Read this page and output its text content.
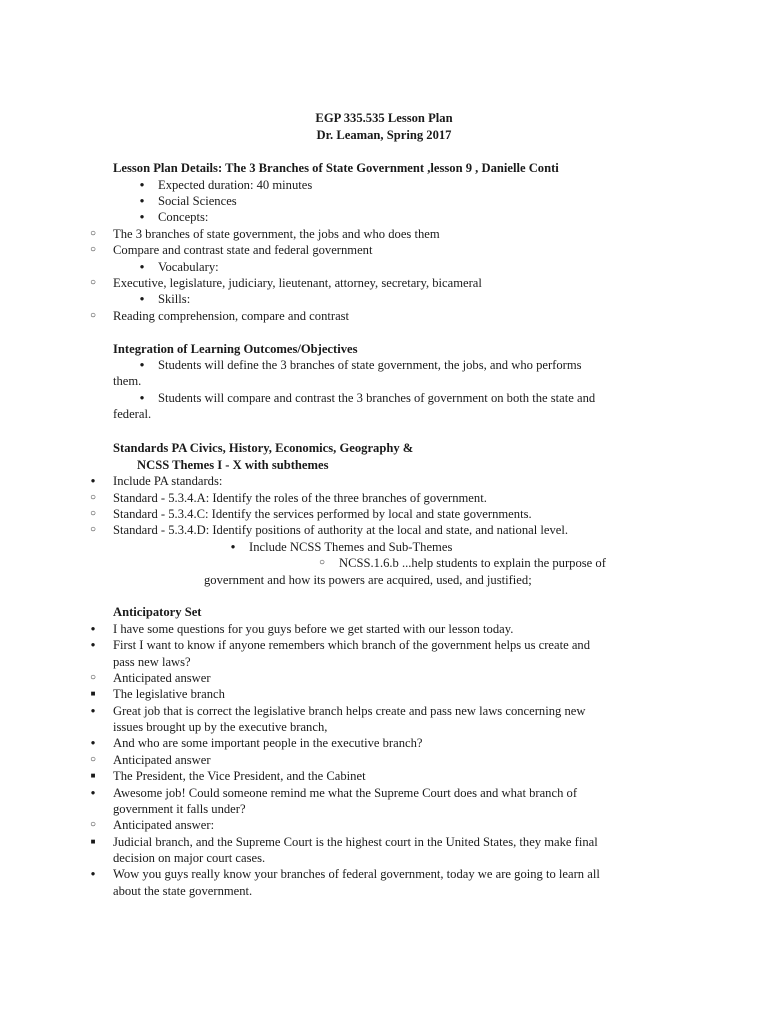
EGP 335.535 Lesson Plan
Dr. Leaman, Spring 2017
Lesson Plan Details: The 3 Branches of State Government ,lesson 9 , Danielle Conti
●
Expected duration: 40 minutes
●
Social Sciences
●
Concepts:
○
The 3 branches of state government, the jobs and who does them
○
Compare and contrast state and federal government
●
Vocabulary:
○
Executive, legislature, judiciary, lieutenant, attorney, secretary, bicameral
●
Skills:
○
Reading comprehension, compare and contrast
Integration of Learning Outcomes/Objectives
●
Students will define the 3 branches of state government, the jobs, and who performs
them.
●
Students will compare and contrast the 3 branches of government on both the state and
federal.
Standards PA Civics, History, Economics, Geography &
NCSS Themes I - X with subthemes
●
Include PA standards:
○
Standard - 5.3.4.A: Identify the roles of the three branches of government.
○
Standard - 5.3.4.C: Identify the services performed by local and state governments.
○
Standard - 5.3.4.D: Identify positions of authority at the local and state, and national level.
●
Include NCSS Themes and Sub-Themes
○
NCSS.1.6.b ...help students to explain the purpose of
government and how its powers are acquired, used, and justified;
Anticipatory Set
●
I have some questions for you guys before we get started with our lesson today.
●
First I want to know if anyone remembers which branch of the government helps us create and
pass new laws?
○
Anticipated answer
■
The legislative branch
●
Great job that is correct the legislative branch helps create and pass new laws concerning new
issues brought up by the executive branch,
●
And who are some important people in the executive branch?
○
Anticipated answer
■
The President, the Vice President, and the Cabinet
●
Awesome job! Could someone remind me what the Supreme Court does and what branch of
government it falls under?
○
Anticipated answer:
■
Judicial branch, and the Supreme Court is the highest court in the United States, they make final
decision on major court cases.
●
Wow you guys really know your branches of federal government, today we are going to learn all
about the state government.
